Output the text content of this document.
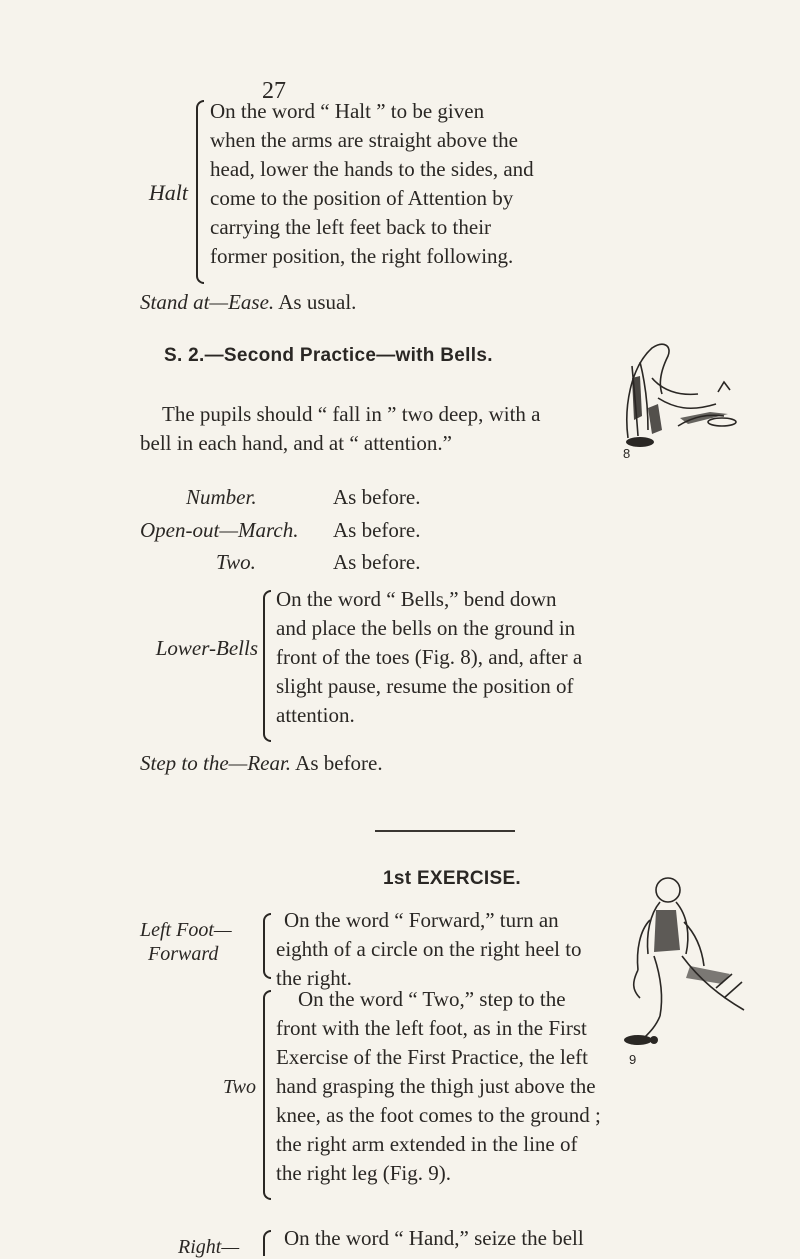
27
Halt
On the word “ Halt ” to be given
when the arms are straight above the
head, lower the hands to the sides, and
come to the position of Attention by
carrying the left feet back to their
former position, the right following.
Stand at—Ease. As usual.
S. 2.—Second Practice—with Bells.
The pupils should “ fall in ” two deep, with a
bell in each hand, and at “ attention.”	8
Number.	As before.
Open-out—March. As before.
Two.	As before.
Lower-Bells
On the word “ Bells,” bend down
and place the bells on the ground in
front of the toes (Fig. 8), and, after a
slight pause, resume the position of
attention.
Step to the—Rear. As before.
1st EXERCISE.
Left Foot—
Forward
On the word “ Forward,” turn an
eighth of a circle on the right heel to
the right.
Two
On the word “ Two,” step to the
front with the left foot, as in the First
Exercise of the First Practice, the left
hand grasping the thigh just above the
knee, as the foot comes to the ground ;
the right arm extended in the line of
the right leg (Fig. 9).
Right—	On the word “ Hand,” seize the bell
9
